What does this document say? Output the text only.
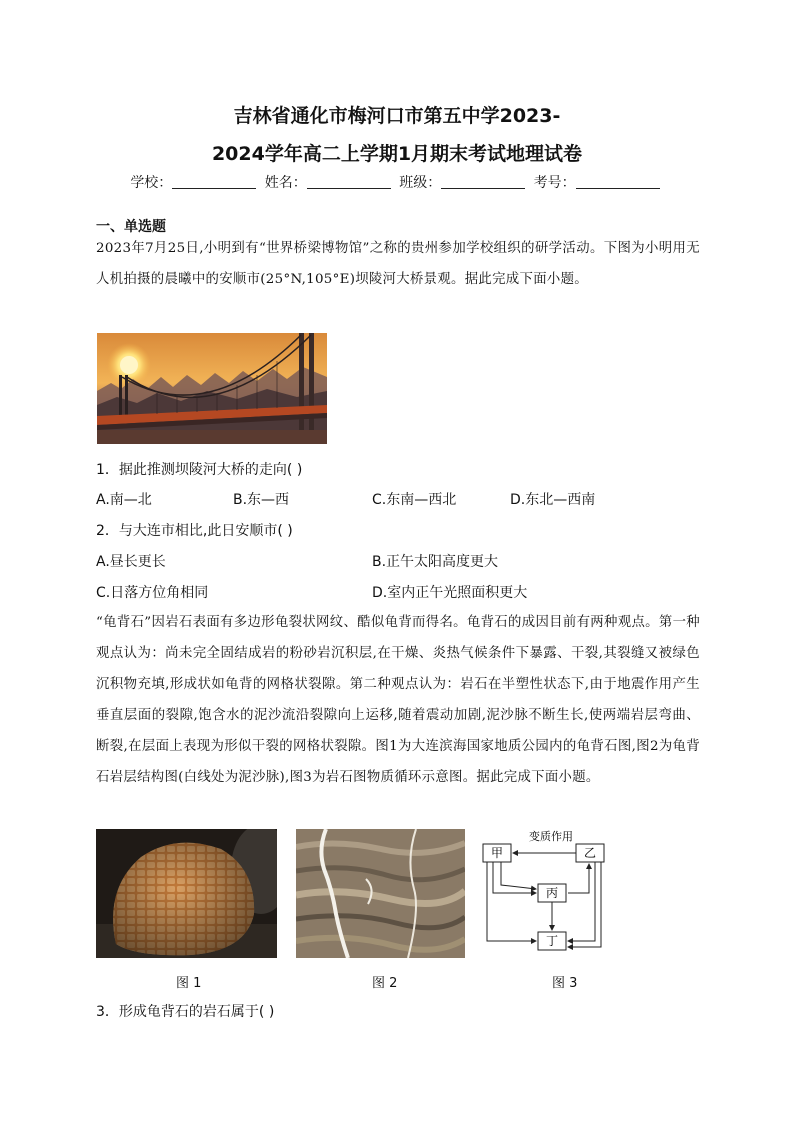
吉林省通化市梅河口市第五中学2023-
2024学年高二上学期1月期末考试地理试卷
学校：	姓名：	班级：	考号：
一、单选题
2023年7月25日,小明到有“世界桥梁博物馆”之称的贵州参加学校组织的研学活动。下图为小明用无人机拍摄的晨曦中的安顺市(25°N,105°E)坝陵河大桥景观。据此完成下面小题。
1．据此推测坝陵河大桥的走向( )
A.南—北	B.东—西	C.东南—西北	D.东北—西南
2．与大连市相比,此日安顺市( )
A.昼长更长	B.正午太阳高度更大
C.日落方位角相同	D.室内正午光照面积更大
“龟背石”因岩石表面有多边形龟裂状网纹、酷似龟背而得名。龟背石的成因目前有两种观点。第一种观点认为：尚未完全固结成岩的粉砂岩沉积层,在干燥、炎热气候条件下暴露、干裂,其裂缝又被绿色沉积物充填,形成状如龟背的网格状裂隙。第二种观点认为：岩石在半塑性状态下,由于地震作用产生垂直层面的裂隙,饱含水的泥沙流沿裂隙向上运移,随着震动加剧,泥沙脉不断生长,使两端岩层弯曲、断裂,在层面上表现为形似干裂的网格状裂隙。图1为大连滨海国家地质公园内的龟背石图,图2为龟背石岩层结构图(白线处为泥沙脉),图3为岩石图物质循环示意图。据此完成下面小题。
甲	乙
丙
丁
变质作用
图 1	图 2	图 3
3．形成龟背石的岩石属于( )
